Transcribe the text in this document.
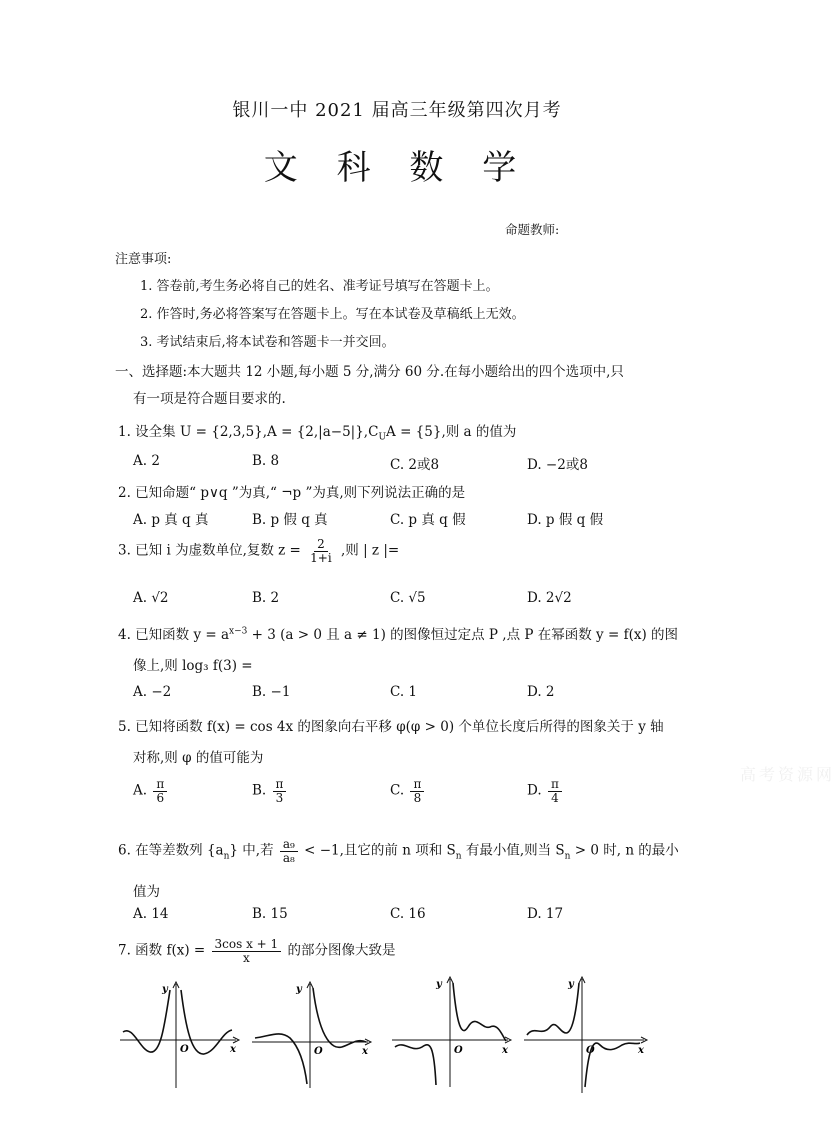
银川一中 2021 届高三年级第四次月考
文 科 数 学
命题教师:
注意事项:
1. 答卷前,考生务必将自己的姓名、准考证号填写在答题卡上。
2. 作答时,务必将答案写在答题卡上。写在本试卷及草稿纸上无效。
3. 考试结束后,将本试卷和答题卡一并交回。
一、选择题:本大题共 12 小题,每小题 5 分,满分 60 分.在每小题给出的四个选项中,只
有一项是符合题目要求的.
1. 设全集 $U = \{2,3,5\},A = \{2,|a-5|\},C_UA = \{5\}$,则 a 的值为
A. 2	B. 8	C. 2或8	D. −2或8
2. 已知命题“ p∨q ”为真,“ ¬p ”为真,则下列说法正确的是
A. p 真 q 真	B. p 假 q 真	C. p 真 q 假	D. p 假 q 假
3. 已知 i 为虚数单位,复数 $z = \frac{2}{1+i}$ ,则 | z |=
A. √2	B. 2	C. √5	D. 2√2
4. 已知函数 $y = a^{x-3} + 3$ (a > 0 且 a ≠ 1) 的图像恒过定点 P ,点 P 在幂函数 y = f(x) 的图
像上,则 log₃ f(3) =
A. −2	B. −1	C. 1	D. 2
5. 已知将函数 f(x) = cos 4x 的图象向右平移 φ(φ > 0) 个单位长度后所得的图象关于 y 轴
对称,则 φ 的值可能为
A. $\frac{\pi}{6}$	B. $\frac{\pi}{3}$	C. $\frac{\pi}{8}$	D. $\frac{\pi}{4}$
6. 在等差数列 $\{a_n\}$ 中,若 $\frac{\text{a₉}}{\text{a₈}} < -1$,且它的前 n 项和 $S_n$ 有最小值,则当 $S_n > 0$ 时, n 的最小
值为
A. 14	B. 15	C. 16	D. 17
7. 函数 $f(x) = \frac{\text{3cos x + 1}}{x}$ 的部分图像大致是
y
x
O
y
x
O
y
x
O
y
x
O
高考资源网
